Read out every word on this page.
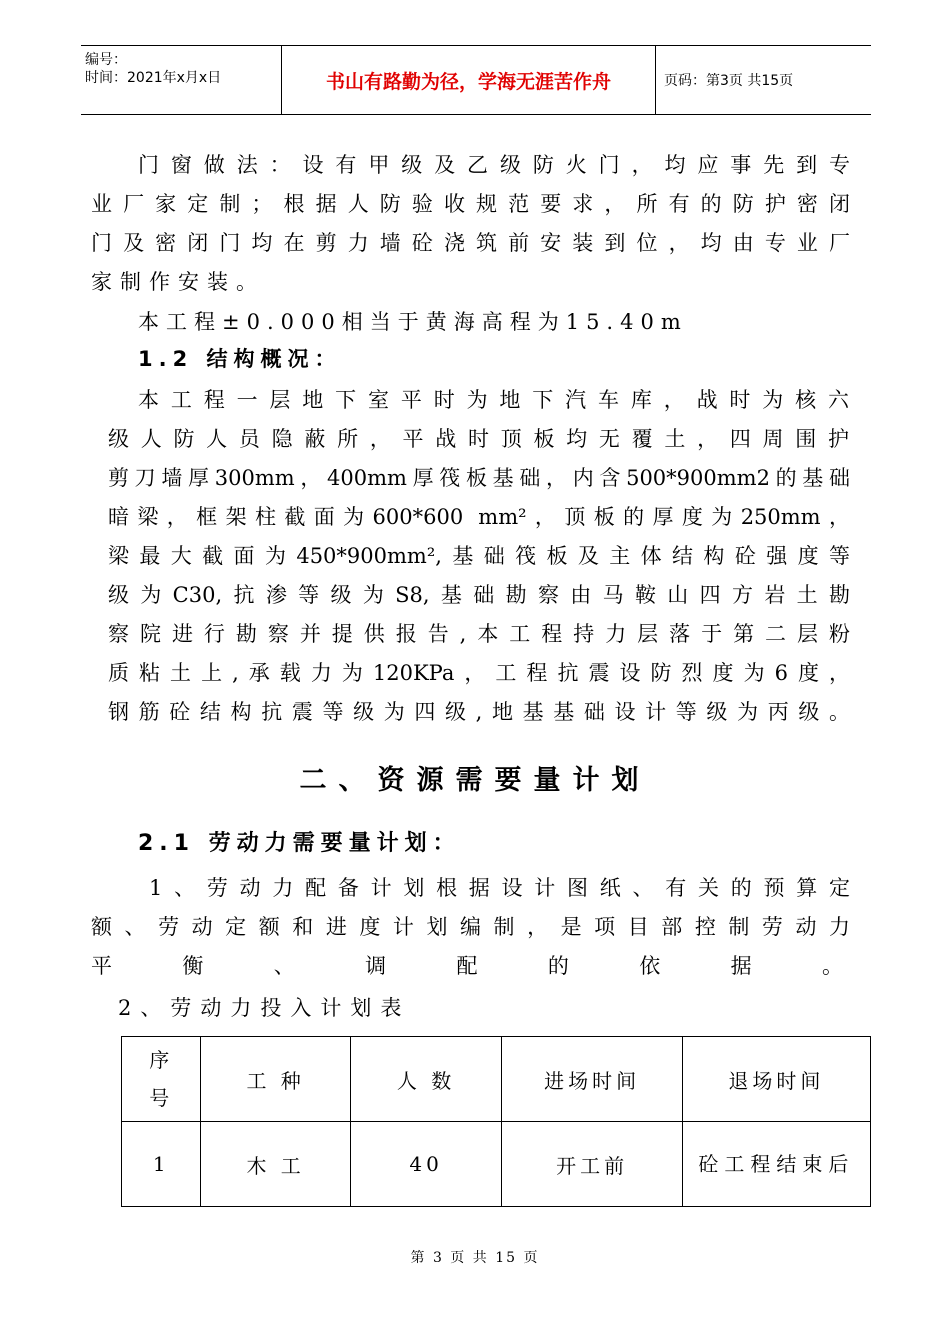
编号：
时间：2021年x月x日	书山有路勤为径，学海无涯苦作舟	页码：第3页 共15页
门窗做法：设有甲级及乙级防火门，均应事先到专
业厂家定制；根据人防验收规范要求，所有的防护密闭
门及密闭门均在剪力墙砼浇筑前安装到位，均由专业厂
家制作安装。
本工程±0.000相当于黄海高程为15.40m
1.2 结构概况：
本工程一层地下室平时为地下汽车库，战时为核六
级人防人员隐蔽所，平战时顶板均无覆土，四周围护
剪刀墙厚300mm，400mm厚筏板基础，内含500*900mm2的基础
暗梁，框架柱截面为600*600 mm²，顶板的厚度为250mm，
梁最大截面为450*900mm²,基础筏板及主体结构砼强度等
级为C30,抗渗等级为S8,基础勘察由马鞍山四方岩土勘
察院进行勘察并提供报告,本工程持力层落于第二层粉
质粘土上,承载力为120KPa，工程抗震设防烈度为6度，
钢筋砼结构抗震等级为四级,地基基础设计等级为丙级。
二、资源需要量计划
2.1 劳动力需要量计划：
1、劳动力配备计划根据设计图纸、有关的预算定
额、劳动定额和进度计划编制，是项目部控制劳动力
平衡、调配的依据。
2、劳动力投入计划表
序号	工 种	人 数	进场时间	退场时间
1	木 工	40	开工前	砼工程结束后
第 3 页 共 15 页
